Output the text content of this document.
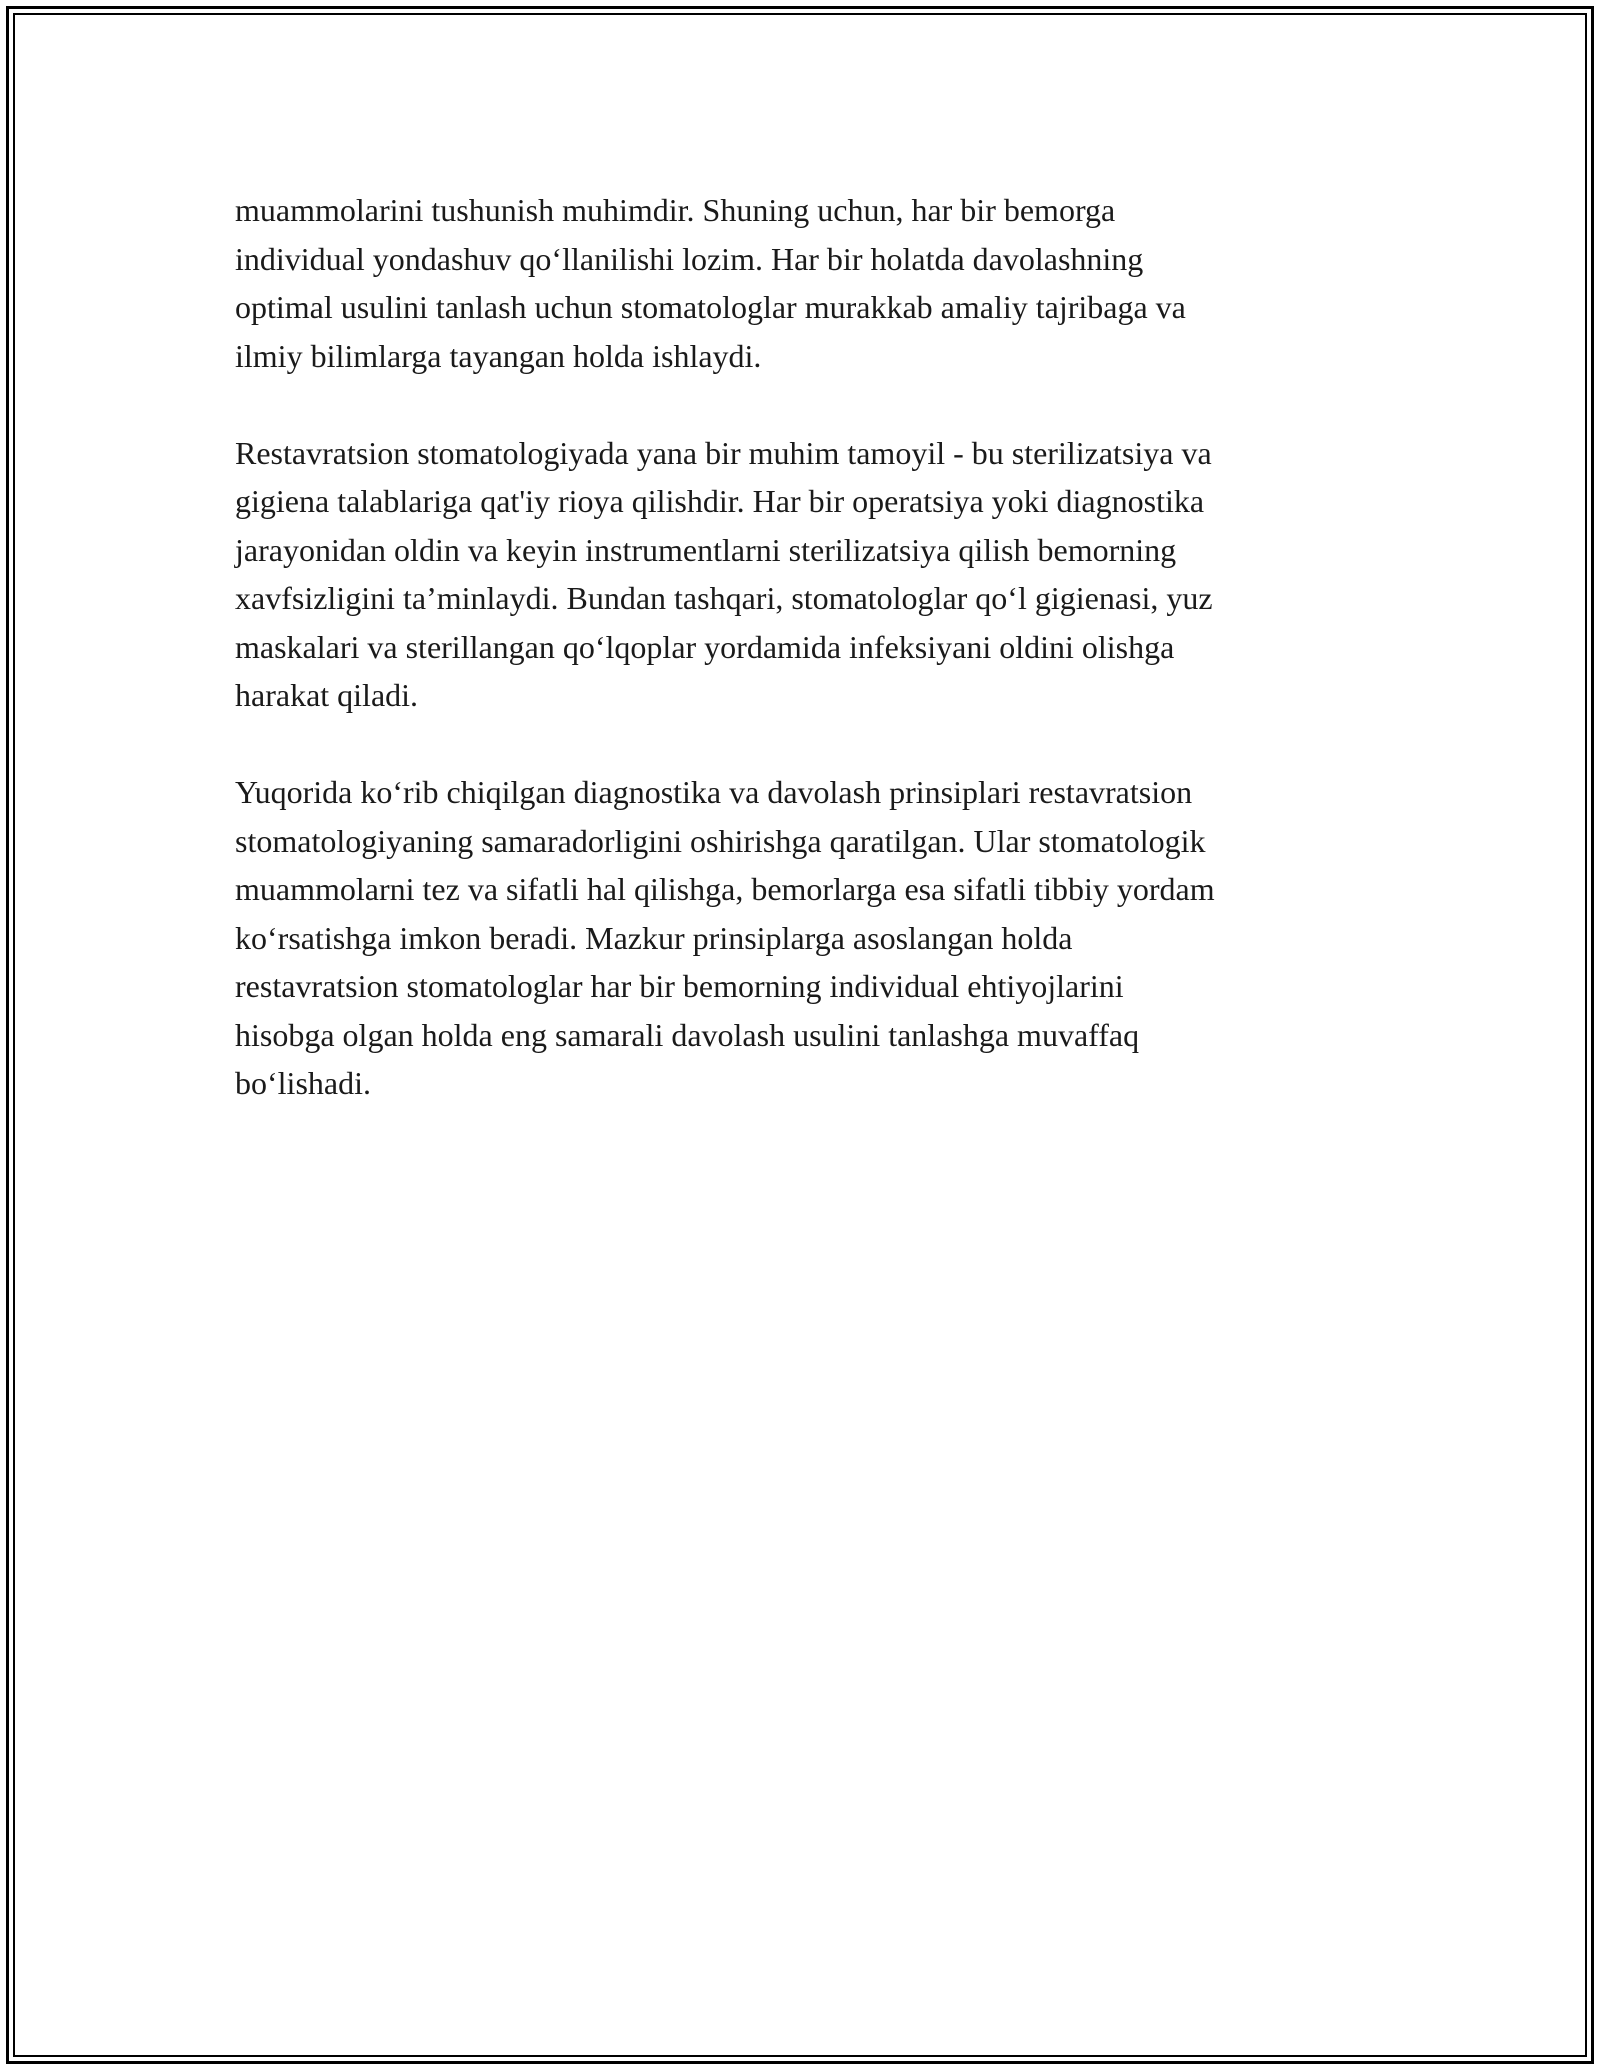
muammolarini tushunish muhimdir. Shuning uchun, har bir bemorga
individual yondashuv qo‘llanilishi lozim. Har bir holatda davolashning
optimal usulini tanlash uchun stomatologlar murakkab amaliy tajribaga va
ilmiy bilimlarga tayangan holda ishlaydi.

Restavratsion stomatologiyada yana bir muhim tamoyil - bu sterilizatsiya va
gigiena talablariga qat'iy rioya qilishdir. Har bir operatsiya yoki diagnostika
jarayonidan oldin va keyin instrumentlarni sterilizatsiya qilish bemorning
xavfsizligini ta’minlaydi. Bundan tashqari, stomatologlar qo‘l gigienasi, yuz
maskalari va sterillangan qo‘lqoplar yordamida infeksiyani oldini olishga
harakat qiladi.

Yuqorida ko‘rib chiqilgan diagnostika va davolash prinsiplari restavratsion
stomatologiyaning samaradorligini oshirishga qaratilgan. Ular stomatologik
muammolarni tez va sifatli hal qilishga, bemorlarga esa sifatli tibbiy yordam
ko‘rsatishga imkon beradi. Mazkur prinsiplarga asoslangan holda
restavratsion stomatologlar har bir bemorning individual ehtiyojlarini
hisobga olgan holda eng samarali davolash usulini tanlashga muvaffaq
bo‘lishadi.
